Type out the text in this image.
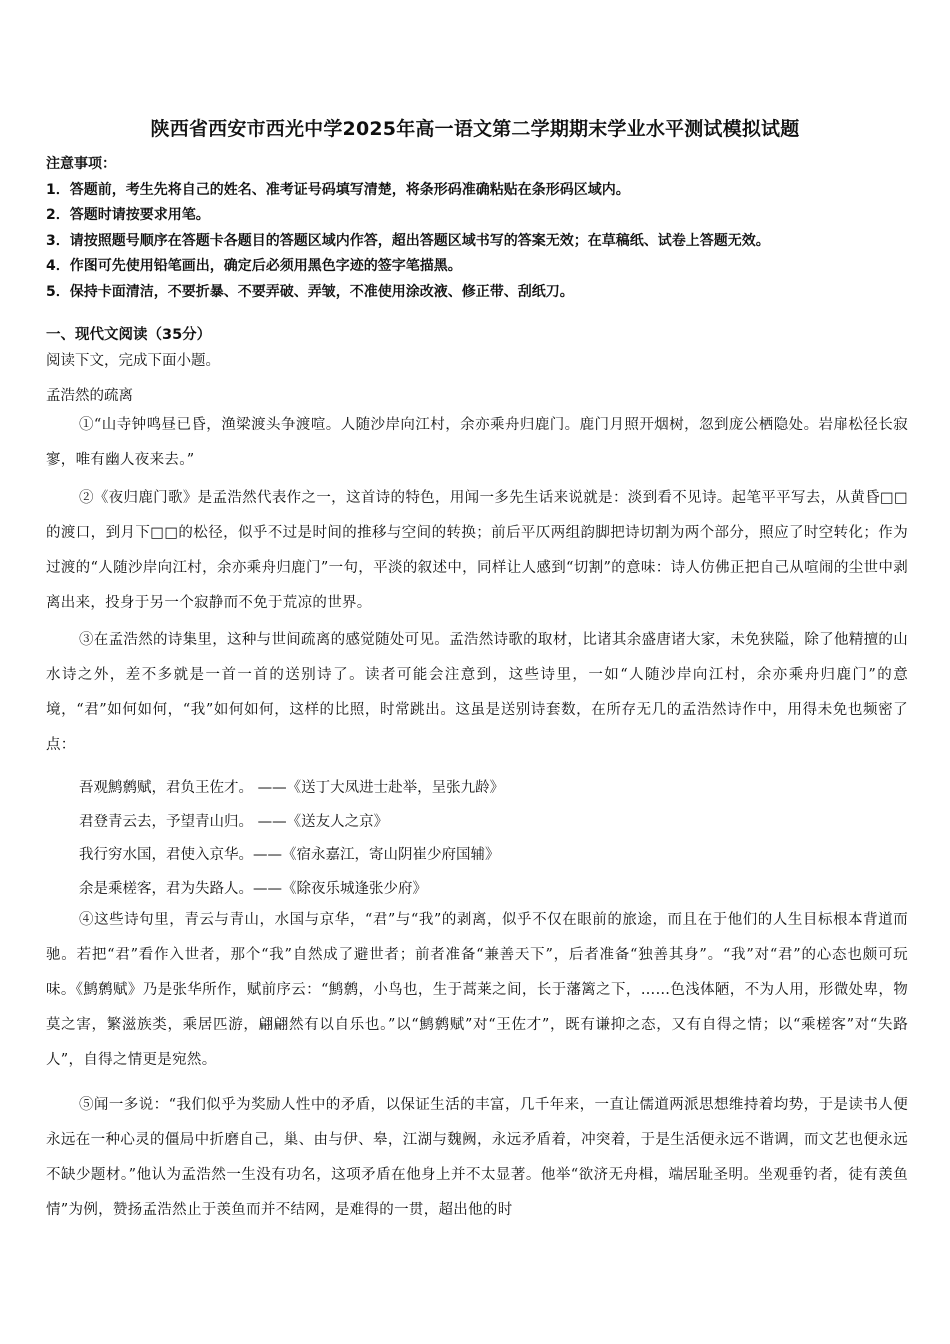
陕西省西安市西光中学2025年高一语文第二学期期末学业水平测试模拟试题
注意事项：
1．答题前，考生先将自己的姓名、准考证号码填写清楚，将条形码准确粘贴在条形码区域内。
2．答题时请按要求用笔。
3．请按照题号顺序在答题卡各题目的答题区域内作答，超出答题区域书写的答案无效；在草稿纸、试卷上答题无效。
4．作图可先使用铅笔画出，确定后必须用黑色字迹的签字笔描黑。
5．保持卡面清洁，不要折暴、不要弄破、弄皱，不准使用涂改液、修正带、刮纸刀。
一、现代文阅读（35分）
阅读下文，完成下面小题。
孟浩然的疏离
①“山寺钟鸣昼已昏，渔梁渡头争渡喧。人随沙岸向江村，余亦乘舟归鹿门。鹿门月照开烟树，忽到庞公栖隐处。岩扉松径长寂寥，唯有幽人夜来去。”
②《夜归鹿门歌》是孟浩然代表作之一，这首诗的特色，用闻一多先生话来说就是：淡到看不见诗。起笔平平写去，从黄昏□□的渡口，到月下□□的松径，似乎不过是时间的推移与空间的转换；前后平仄两组韵脚把诗切割为两个部分，照应了时空转化；作为过渡的“人随沙岸向江村，余亦乘舟归鹿门”一句，平淡的叙述中，同样让人感到“切割”的意味：诗人仿佛正把自己从喧闹的尘世中剥离出来，投身于另一个寂静而不免于荒凉的世界。
③在孟浩然的诗集里，这种与世间疏离的感觉随处可见。孟浩然诗歌的取材，比诸其余盛唐诸大家，未免狭隘，除了他精擅的山水诗之外，差不多就是一首一首的送别诗了。读者可能会注意到，这些诗里，一如“人随沙岸向江村，余亦乘舟归鹿门”的意境，“君”如何如何，“我”如何如何，这样的比照，时常跳出。这虽是送别诗套数，在所存无几的孟浩然诗作中，用得未免也频密了点：
吾观鹪鹩赋，君负王佐才。 ——《送丁大凤进士赴举，呈张九龄》
君登青云去，予望青山归。 ——《送友人之京》
我行穷水国，君使入京华。——《宿永嘉江，寄山阴崔少府国辅》
余是乘槎客，君为失路人。——《除夜乐城逢张少府》
④这些诗句里，青云与青山，水国与京华，“君”与“我”的剥离，似乎不仅在眼前的旅途，而且在于他们的人生目标根本背道而驰。若把“君”看作入世者，那个“我”自然成了避世者；前者准备“兼善天下”，后者准备“独善其身”。“我”对“君”的心态也颇可玩味。《鹪鹩赋》乃是张华所作，赋前序云：“鹪鹩，小鸟也，生于蒿莱之间，长于藩篱之下，……色浅体陋，不为人用，形微处卑，物莫之害，繁滋族类，乘居匹游，翩翩然有以自乐也。”以“鹪鹩赋”对“王佐才”，既有谦抑之态，又有自得之情；以“乘槎客”对“失路人”，自得之情更是宛然。
⑤闻一多说：“我们似乎为奖励人性中的矛盾，以保证生活的丰富，几千年来，一直让儒道两派思想维持着均势，于是读书人便永远在一种心灵的僵局中折磨自己，巢、由与伊、皋，江湖与魏阙，永远矛盾着，冲突着，于是生活便永远不谐调，而文艺也便永远不缺少题材。”他认为孟浩然一生没有功名，这项矛盾在他身上并不太显著。他举“欲济无舟楫，端居耻圣明。坐观垂钓者，徒有羡鱼情”为例，赞扬孟浩然止于羡鱼而并不结网，是难得的一贯，超出他的时
